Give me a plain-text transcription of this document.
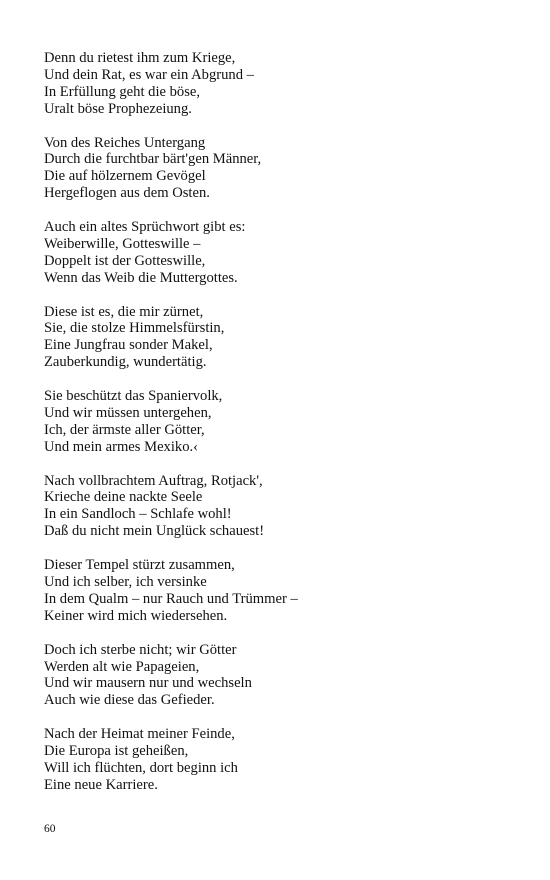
Denn du rietest ihm zum Kriege,
Und dein Rat, es war ein Abgrund –
In Erfüllung geht die böse,
Uralt böse Prophezeiung.
Von des Reiches Untergang
Durch die furchtbar bärt'gen Männer,
Die auf hölzernem Gevögel
Hergeflogen aus dem Osten.
Auch ein altes Sprüchwort gibt es:
Weiberwille, Gotteswille –
Doppelt ist der Gotteswille,
Wenn das Weib die Muttergottes.
Diese ist es, die mir zürnet,
Sie, die stolze Himmelsfürstin,
Eine Jungfrau sonder Makel,
Zauberkundig, wundertätig.
Sie beschützt das Spaniervolk,
Und wir müssen untergehen,
Ich, der ärmste aller Götter,
Und mein armes Mexiko.‹
Nach vollbrachtem Auftrag, Rotjack',
Krieche deine nackte Seele
In ein Sandloch – Schlafe wohl!
Daß du nicht mein Unglück schauest!
Dieser Tempel stürzt zusammen,
Und ich selber, ich versinke
In dem Qualm – nur Rauch und Trümmer –
Keiner wird mich wiedersehen.
Doch ich sterbe nicht; wir Götter
Werden alt wie Papageien,
Und wir mausern nur und wechseln
Auch wie diese das Gefieder.
Nach der Heimat meiner Feinde,
Die Europa ist geheißen,
Will ich flüchten, dort beginn ich
Eine neue Karriere.
60
